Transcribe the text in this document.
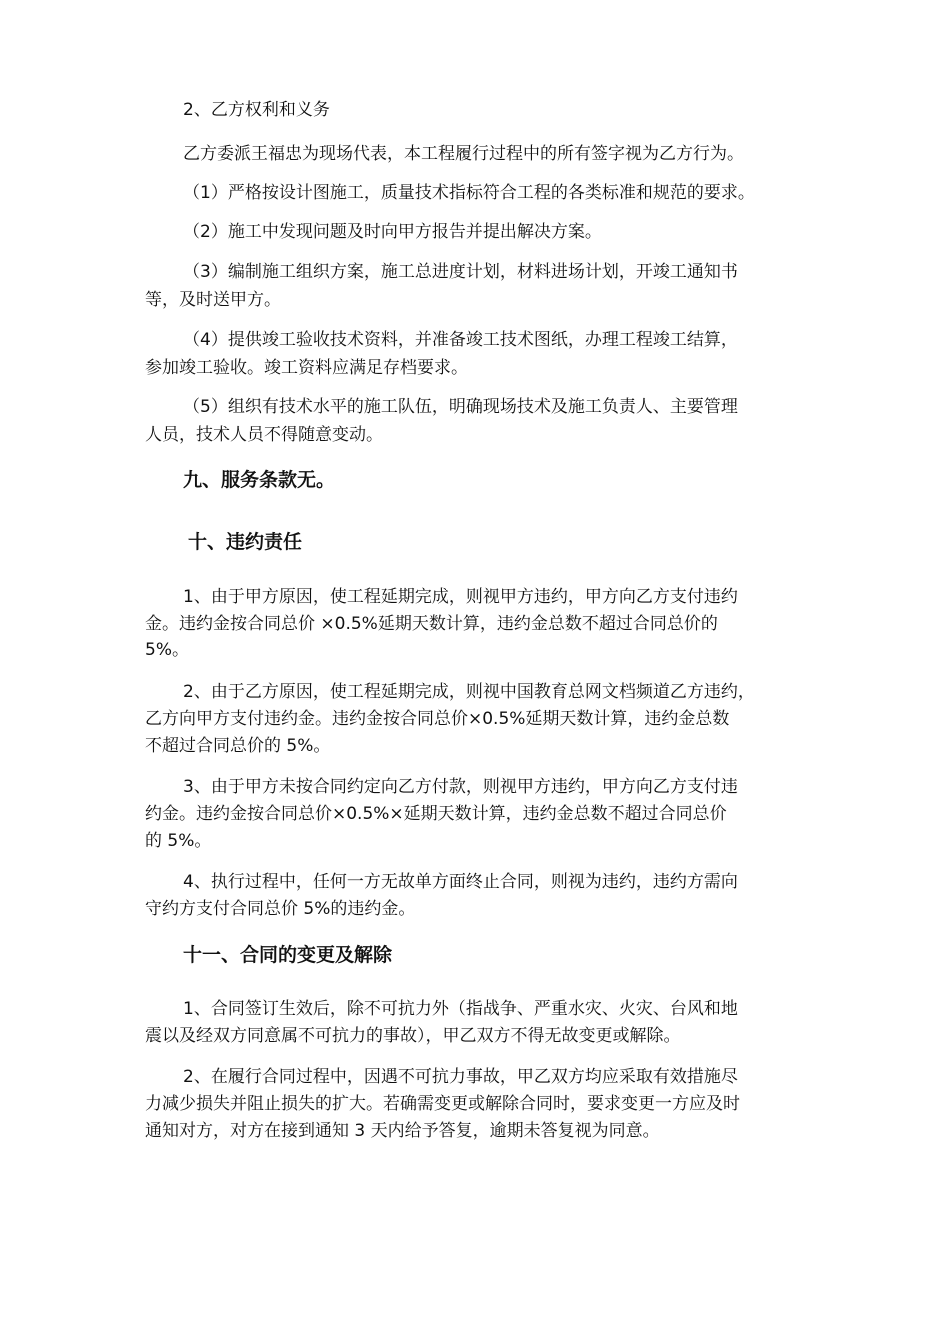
2、乙方权利和义务

乙方委派王福忠为现场代表，本工程履行过程中的所有签字视为乙方行为。

（1）严格按设计图施工，质量技术指标符合工程的各类标准和规范的要求。

（2）施工中发现问题及时向甲方报告并提出解决方案。

（3）编制施工组织方案，施工总进度计划，材料进场计划，开竣工通知书

等，及时送甲方。

（4）提供竣工验收技术资料，并准备竣工技术图纸，办理工程竣工结算，

参加竣工验收。竣工资料应满足存档要求。

（5）组织有技术水平的施工队伍，明确现场技术及施工负责人、主要管理

人员，技术人员不得随意变动。

九、服务条款无。
十、违约责任

1、由于甲方原因，使工程延期完成，则视甲方违约，甲方向乙方支付违约

金。违约金按合同总价 ×0.5%延期天数计算，违约金总数不超过合同总价的

5%。

2、由于乙方原因，使工程延期完成，则视中国教育总网文档频道乙方违约，

乙方向甲方支付违约金。违约金按合同总价×0.5%延期天数计算，违约金总数

不超过合同总价的 5%。

3、由于甲方未按合同约定向乙方付款，则视甲方违约，甲方向乙方支付违

约金。违约金按合同总价×0.5%×延期天数计算，违约金总数不超过合同总价

的 5%。

4、执行过程中，任何一方无故单方面终止合同，则视为违约，违约方需向

守约方支付合同总价 5%的违约金。

十一、合同的变更及解除

1、合同签订生效后，除不可抗力外（指战争、严重水灾、火灾、台风和地

震以及经双方同意属不可抗力的事故），甲乙双方不得无故变更或解除。

2、在履行合同过程中，因遇不可抗力事故，甲乙双方均应采取有效措施尽

力减少损失并阻止损失的扩大。若确需变更或解除合同时，要求变更一方应及时

通知对方，对方在接到通知 3 天内给予答复，逾期未答复视为同意。
